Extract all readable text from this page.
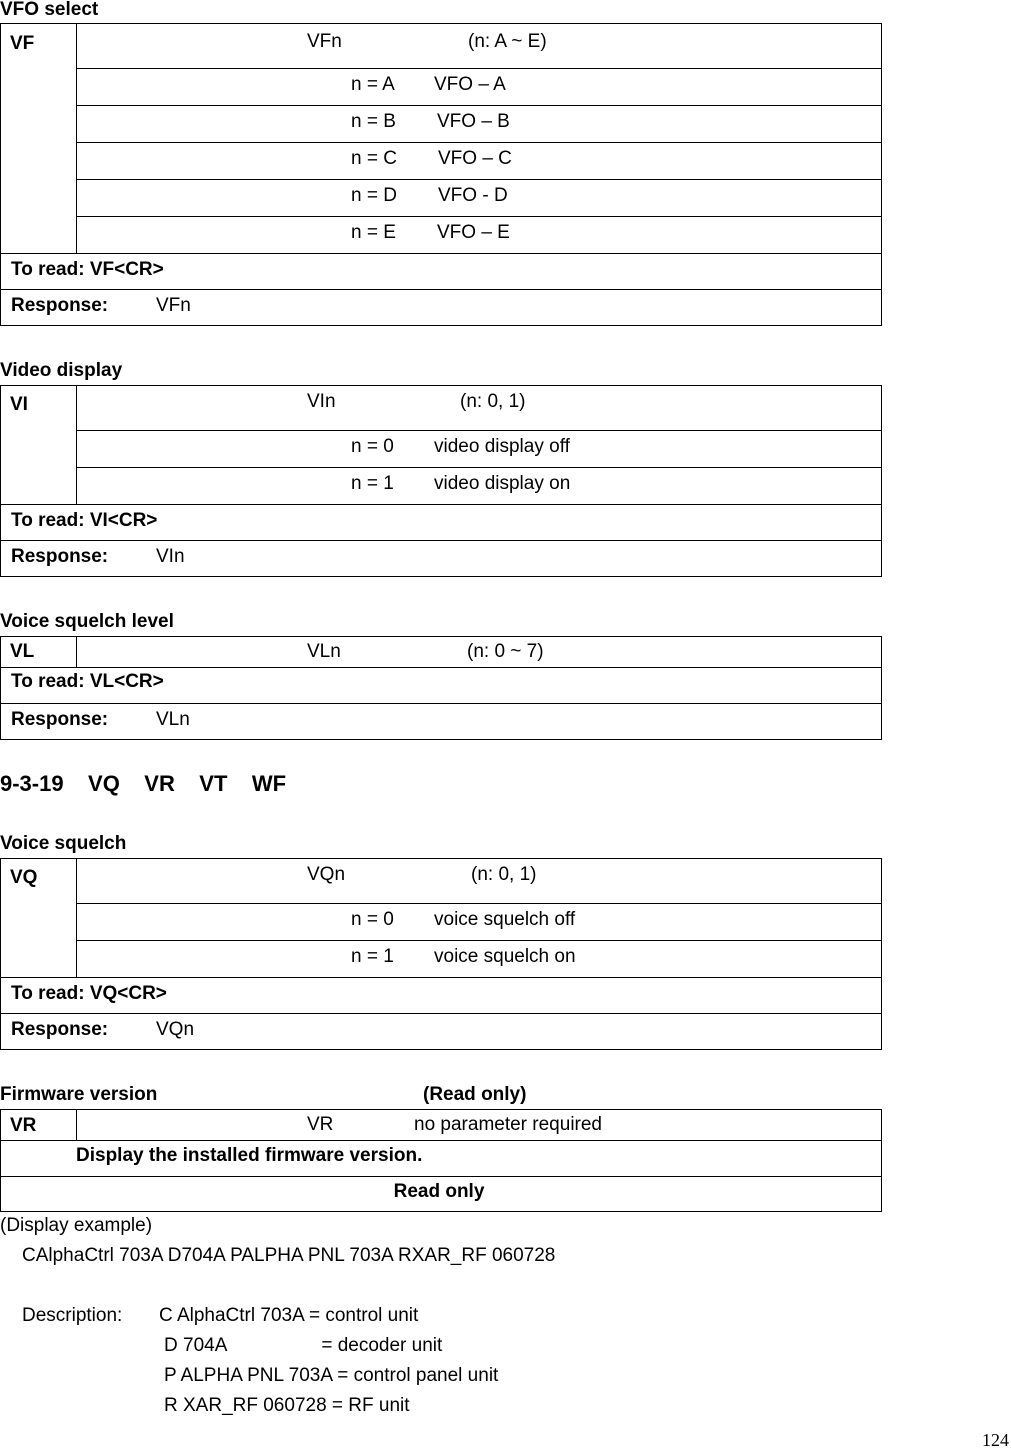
VFO select
VF	VFn	(n: A ~ E)

n = A VFO – A

n = B VFO – B

n = C VFO – C

n = D VFO - D

n = E VFO – E

To read: VF<CR>

Response:	VFn
Video display
VI	VIn	(n: 0, 1)

n = 0 video display off

n = 1 video display on

To read: VI<CR>

Response:	VIn
Voice squelch level
VL	VLn	(n: 0 ~ 7)

To read: VL<CR>

Response:	VLn
9-3-19    VQ    VR    VT    WF
Voice squelch
VQ	VQn	(n: 0, 1)

n = 0 voice squelch off

n = 1 voice squelch on

To read: VQ<CR>

Response:	VQn
Firmware version	(Read only)
VR	VR	no parameter required

Display the installed firmware version.

Read only
(Display example)
CAlphaCtrl 703A D704A PALPHA PNL 703A RXAR_RF 060728
Description: C AlphaCtrl 703A = control unit
D 704A                  = decoder unit
P ALPHA PNL 703A = control panel unit
R XAR_RF 060728 = RF unit
124
